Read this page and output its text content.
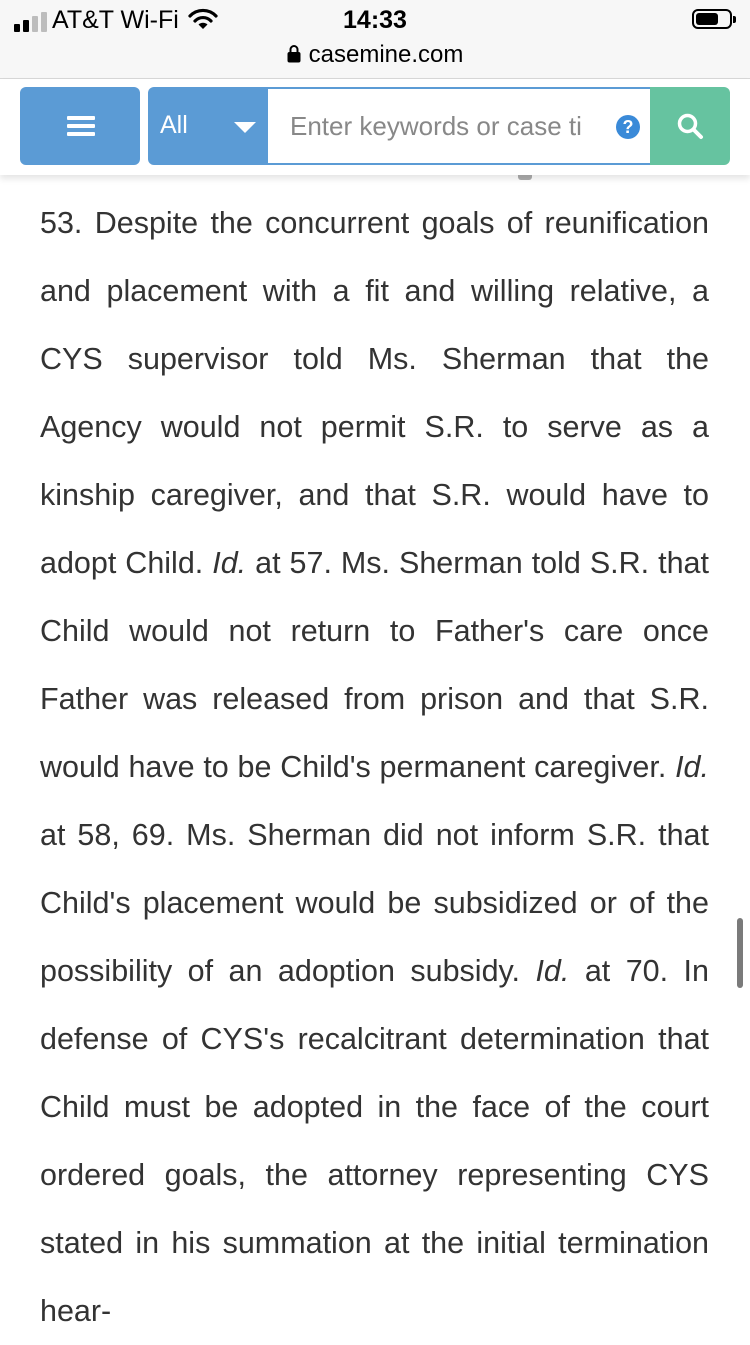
AT&T Wi-Fi	14:33
casemine.com
All
Enter keywords or case ti	?

53. Despite the concurrent goals of reunification and placement with a fit and willing relative, a CYS supervisor told Ms. Sherman that the Agency would not permit S.R. to serve as a kinship caregiver, and that S.R. would have to adopt Child. Id. at 57. Ms. Sherman told S.R. that Child would not return to Father's care once Father was released from prison and that S.R. would have to be Child's permanent caregiver. Id. at 58, 69. Ms. Sherman did not inform S.R. that Child's placement would be subsidized or of the possibility of an adoption subsidy. Id. at 70. In defense of CYS's recalcitrant determination that Child must be adopted in the face of the court ordered goals, the attorney representing CYS stated in his summation at the initial termination hear-
